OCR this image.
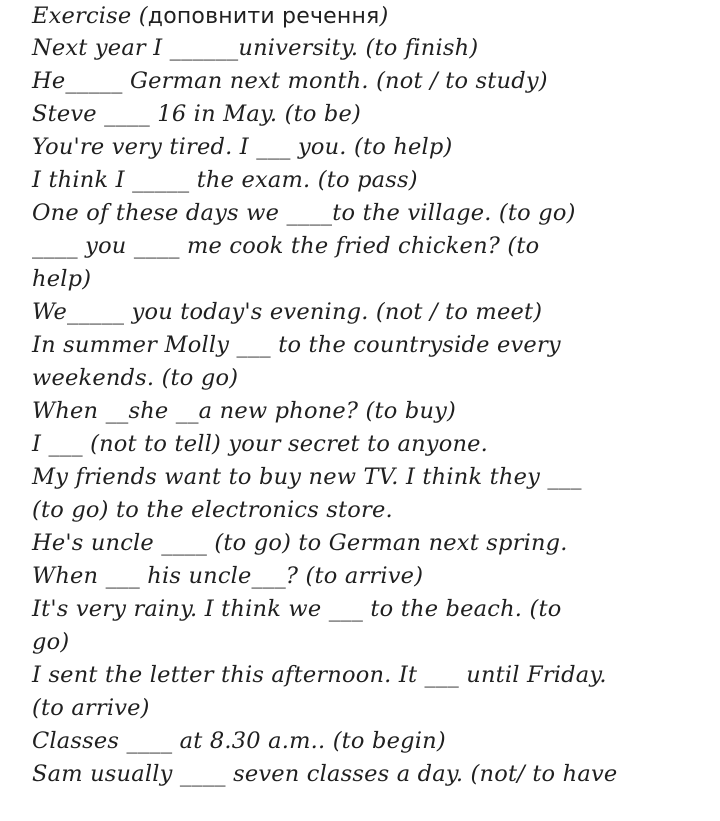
Exercise (доповнити речення)
Next year I ______university. (to finish)
He_____ German next month. (not / to study)
Steve ____ 16 in May. (to be)
You're very tired. I ___ you. (to help)
I think I _____ the exam. (to pass)
One of these days we ____to the village. (to go)
____ you ____ me cook the fried chicken? (to
help)
We_____ you today's evening. (not / to meet)
In summer Molly ___ to the countryside every
weekends. (to go)
When __she __a new phone? (to buy)
I ___ (not to tell) your secret to anyone.
My friends want to buy new TV. I think they ___
(to go) to the electronics store.
He's uncle ____ (to go) to German next spring.
When ___ his uncle___? (to arrive)
It's very rainy. I think we ___ to the beach. (to
go)
I sent the letter this afternoon. It ___ until Friday.
(to arrive)
Classes ____ at 8.30 a.m.. (to begin)
Sam usually ____ seven classes a day. (not/ to have
